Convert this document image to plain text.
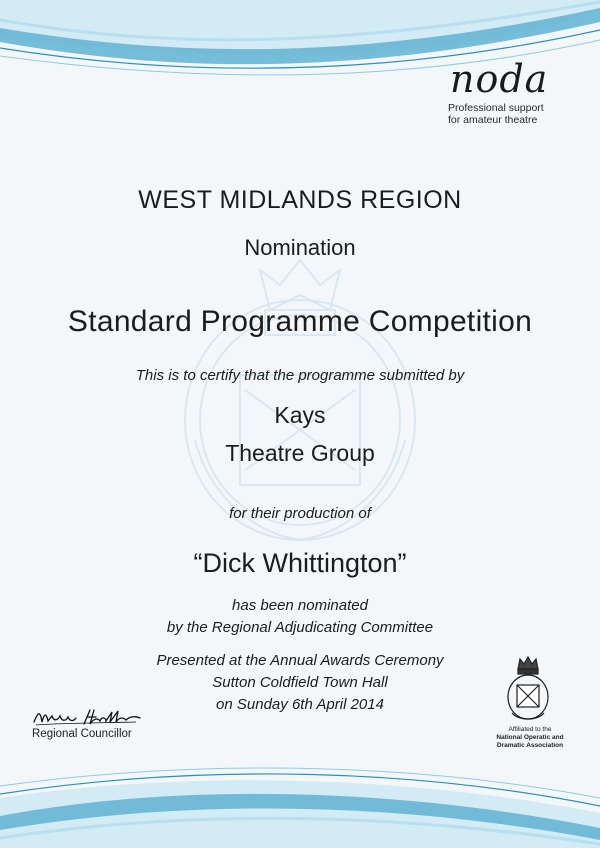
noda
Professional support
for amateur theatre
WEST MIDLANDS REGION
Nomination
Standard Programme Competition
This is to certify that the programme submitted by
Kays
Theatre Group
for their production of
“Dick Whittington”
has been nominated
by the Regional Adjudicating Committee
Presented at the Annual Awards Ceremony
Sutton Coldfield Town Hall
on Sunday 6th April 2014
Regional Councillor	Affiliated to the
National Operatic and
Dramatic Association
